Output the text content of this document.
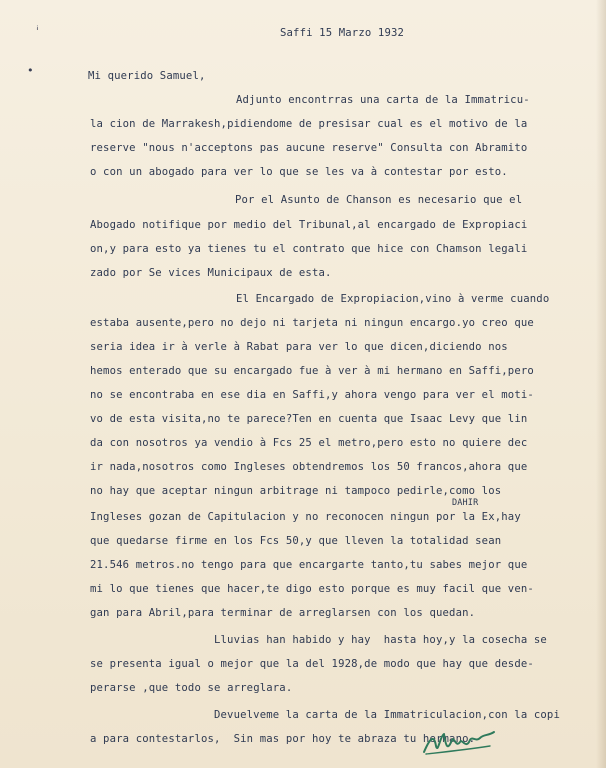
ꜟ
•
Saffi 15 Marzo 1932
Mi querido Samuel,
Adjunto encontrras una carta de la Immatricu-
la cion de Marrakesh,pidiendome de presisar cual es el motivo de la
reserve "nous n'acceptons pas aucune reserve" Consulta con Abramito
o con un abogado para ver lo que se les va à contestar por esto.
Por el Asunto de Chanson es necesario que el
Abogado notifique por medio del Tribunal,al encargado de Expropiaci
on,y para esto ya tienes tu el contrato que hice con Chamson legali
zado por Se vices Municipaux de esta.
El Encargado de Expropiacion,vino à verme cuando
estaba ausente,pero no dejo ni tarjeta ni ningun encargo.yo creo que
seria idea ir à verle à Rabat para ver lo que dicen,diciendo nos
hemos enterado que su encargado fue à ver à mi hermano en Saffi,pero
no se encontraba en ese dia en Saffi,y ahora vengo para ver el moti-
vo de esta visita,no te parece?Ten en cuenta que Isaac Levy que lin
da con nosotros ya vendio à Fcs 25 el metro,pero esto no quiere dec
ir nada,nosotros como Ingleses obtendremos los 50 francos,ahora que
no hay que aceptar ningun arbitrage ni tampoco pedirle,como los
DAHIR
Ingleses gozan de Capitulacion y no reconocen ningun por la Ex,hay
que quedarse firme en los Fcs 50,y que lleven la totalidad sean
21.546 metros.no tengo para que encargarte tanto,tu sabes mejor que
mi lo que tienes que hacer,te digo esto porque es muy facil que ven-
gan para Abril,para terminar de arreglarsen con los quedan.
Lluvias han habido y hay  hasta hoy,y la cosecha se
se presenta igual o mejor que la del 1928,de modo que hay que desde-
perarse ,que todo se arreglara.
Devuelveme la carta de la Immatriculacion,con la copi
a para contestarlos,  Sin mas por hoy te abraza tu hermano.
